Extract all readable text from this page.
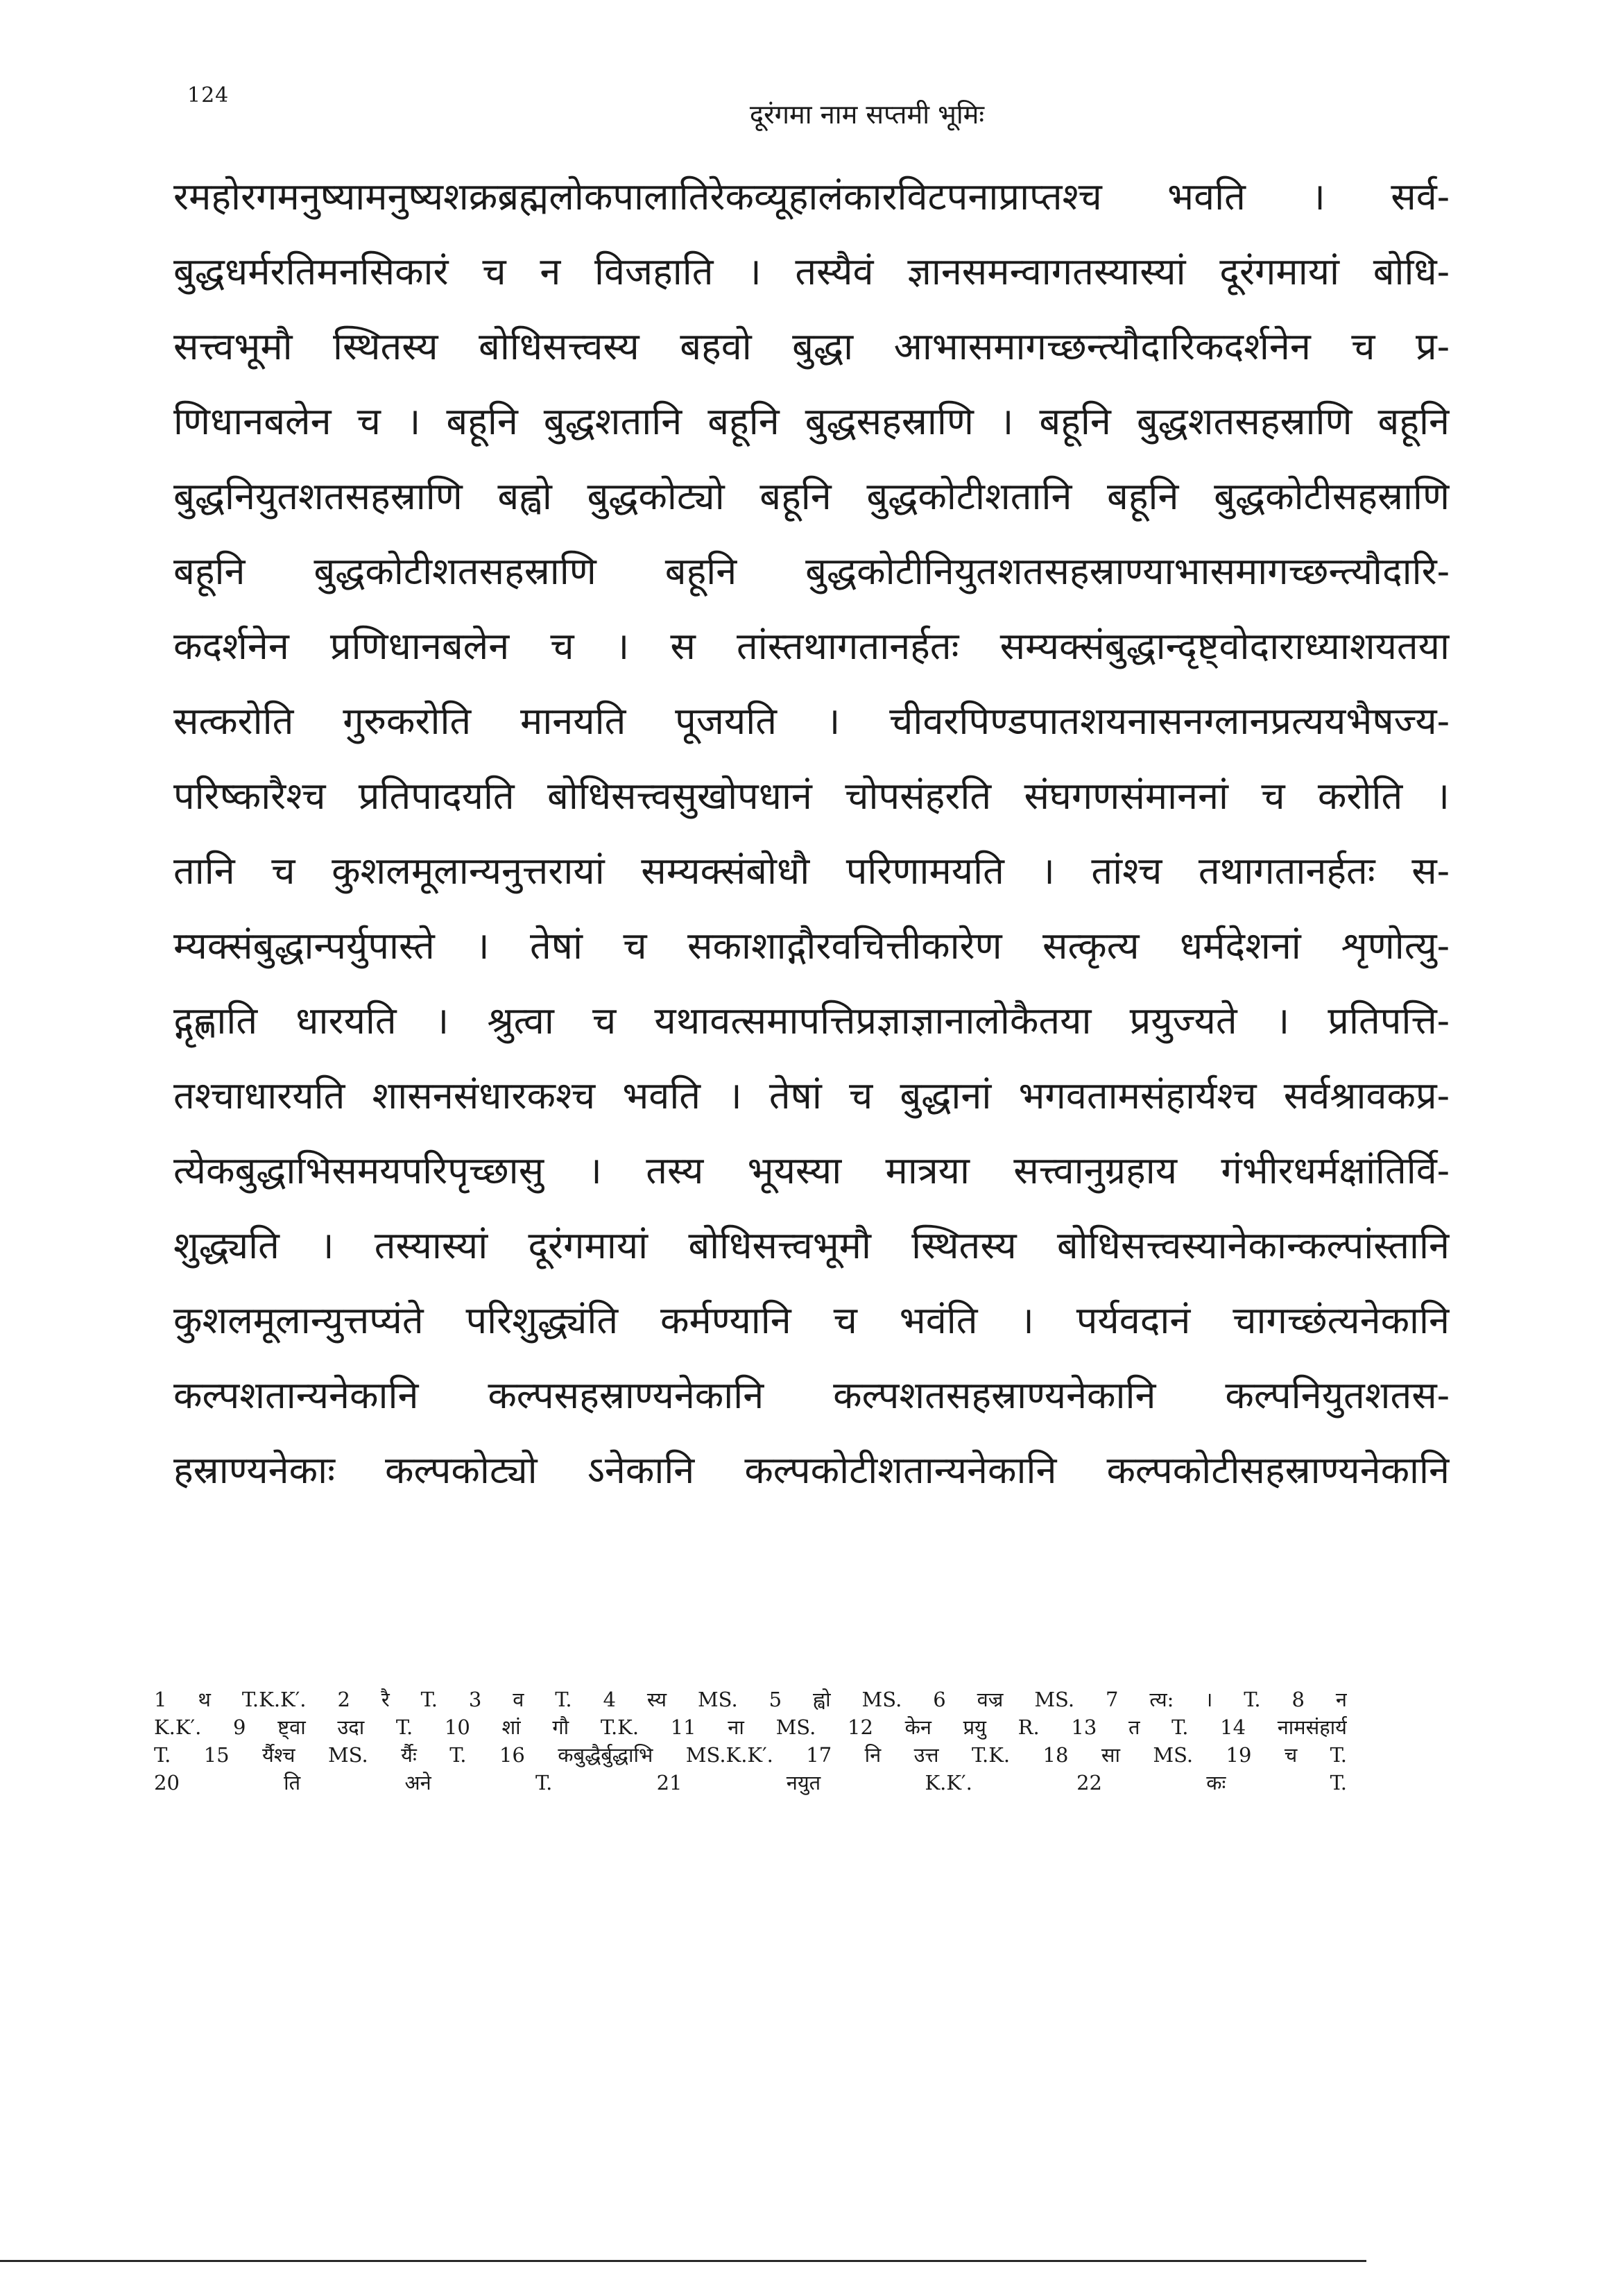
124
दूरंगमा नाम सप्तमी भूमिः
रमहोरगमनुष्यामनुष्यशक्रब्रह्मलोकपालातिरेकव्यूहालंकारविटपनाप्राप्तश्च भवति । सर्व-
बुद्धधर्मरतिमनसिकारं च न विजहाति । तस्यैवं ज्ञानसमन्वागतस्यास्यां दूरंगमायां बोधि-
सत्त्वभूमौ स्थितस्य बोधिसत्त्वस्य बहवो बुद्धा आभासमागच्छन्त्यौदारिकदर्शनेन च प्र-
णिधानबलेन च । बहूनि बुद्धशतानि बहूनि बुद्धसहस्राणि । बहूनि बुद्धशतसहस्राणि बहूनि
बुद्धनियुतशतसहस्राणि बह्वो बुद्धकोट्यो बहूनि बुद्धकोटीशतानि बहूनि बुद्धकोटीसहस्राणि
बहूनि बुद्धकोटीशतसहस्राणि बहूनि बुद्धकोटीनियुतशतसहस्राण्याभासमागच्छन्त्यौदारि-
कदर्शनेन प्रणिधानबलेन च । स तांस्तथागतानर्हतः सम्यक्संबुद्धान्दृष्ट्वोदाराध्याशयतया
सत्करोति गुरुकरोति मानयति पूजयति । चीवरपिण्डपातशयनासनग्लानप्रत्ययभैषज्य-
परिष्कारैश्च प्रतिपादयति बोधिसत्त्वसुखोपधानं चोपसंहरति संघगणसंमाननां च करोति ।
तानि च कुशलमूलान्यनुत्तरायां सम्यक्संबोधौ परिणामयति । तांश्च तथागतानर्हतः स-
म्यक्संबुद्धान्पर्युपास्ते । तेषां च सकाशाद्गौरवचित्तीकारेण सत्कृत्य धर्मदेशनां शृणोत्यु-
द्गृह्णाति धारयति । श्रुत्वा च यथावत्समापत्तिप्रज्ञाज्ञानालोकैतया प्रयुज्यते । प्रतिपत्ति-
तश्चाधारयति शासनसंधारकश्च भवति । तेषां च बुद्धानां भगवतामसंहार्यश्च सर्वश्रावकप्र-
त्येकबुद्धाभिसमयपरिपृच्छासु । तस्य भूयस्या मात्रया सत्त्वानुग्रहाय गंभीरधर्मक्षांतिर्वि-
शुद्ध्यति । तस्यास्यां दूरंगमायां बोधिसत्त्वभूमौ स्थितस्य बोधिसत्त्वस्यानेकान्कल्पांस्तानि
कुशलमूलान्युत्तप्यंते परिशुद्ध्यंति कर्मण्यानि च भवंति । पर्यवदानं चागच्छंत्यनेकानि
कल्पशतान्यनेकानि कल्पसहस्राण्यनेकानि कल्पशतसहस्राण्यनेकानि कल्पनियुतशतस-
हस्राण्यनेकाः कल्पकोट्यो ऽनेकानि कल्पकोटीशतान्यनेकानि कल्पकोटीसहस्राण्यनेकानि
1 थ T.K.K′. 2 रै T. 3 व T. 4 स्य MS. 5 ह्वो MS. 6 वज्र MS. 7 त्य: । T. 8 न
K.K′. 9 ष्ट्वा उदा T. 10 शां गौ T.K. 11 ना MS. 12 केन प्रयु R. 13 त T. 14 नामसंहार्य
T. 15 र्यैश्च MS. र्यैः T. 16 कबुद्धैर्बुद्धाभि MS.K.K′. 17 नि उत्त T.K. 18 सा MS. 19 च T.
20 ति अने T. 21 नयुत K.K′. 22 कः T.
